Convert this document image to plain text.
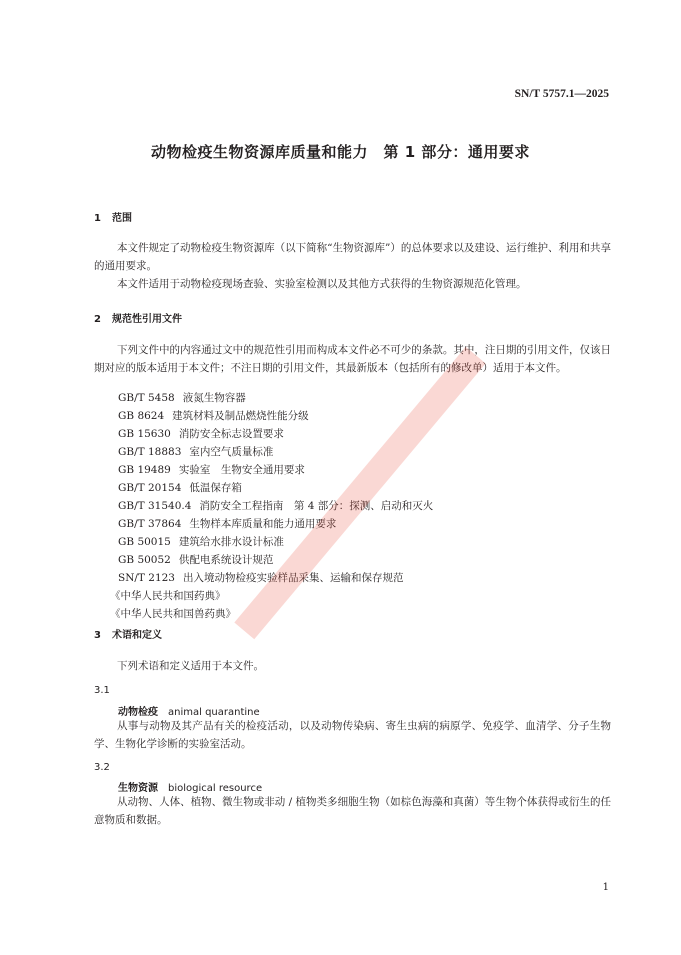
SN/T 5757.1—2025
动物检疫生物资源库质量和能力　第 1 部分：通用要求
1 范围
本文件规定了动物检疫生物资源库（以下简称“生物资源库”）的总体要求以及建设、运行维护、利用和共享的通用要求。
本文件适用于动物检疫现场查验、实验室检测以及其他方式获得的生物资源规范化管理。
2 规范性引用文件
下列文件中的内容通过文中的规范性引用而构成本文件必不可少的条款。其中，注日期的引用文件，仅该日期对应的版本适用于本文件；不注日期的引用文件，其最新版本（包括所有的修改单）适用于本文件。
GB/T 5458 液氮生物容器
GB 8624 建筑材料及制品燃烧性能分级
GB 15630 消防安全标志设置要求
GB/T 18883 室内空气质量标准
GB 19489 实验室　生物安全通用要求
GB/T 20154 低温保存箱
GB/T 31540.4 消防安全工程指南　第 4 部分：探测、启动和灭火
GB/T 37864 生物样本库质量和能力通用要求
GB 50015 建筑给水排水设计标准
GB 50052 供配电系统设计规范
SN/T 2123 出入境动物检疫实验样品采集、运输和保存规范
《中华人民共和国药典》
《中华人民共和国兽药典》
3 术语和定义
下列术语和定义适用于本文件。
3.1
动物检疫 animal quarantine
从事与动物及其产品有关的检疫活动，以及动物传染病、寄生虫病的病原学、免疫学、血清学、分子生物学、生物化学诊断的实验室活动。
3.2
生物资源 biological resource
从动物、人体、植物、微生物或非动 / 植物类多细胞生物（如棕色海藻和真菌）等生物个体获得或衍生的任意物质和数据。
1
